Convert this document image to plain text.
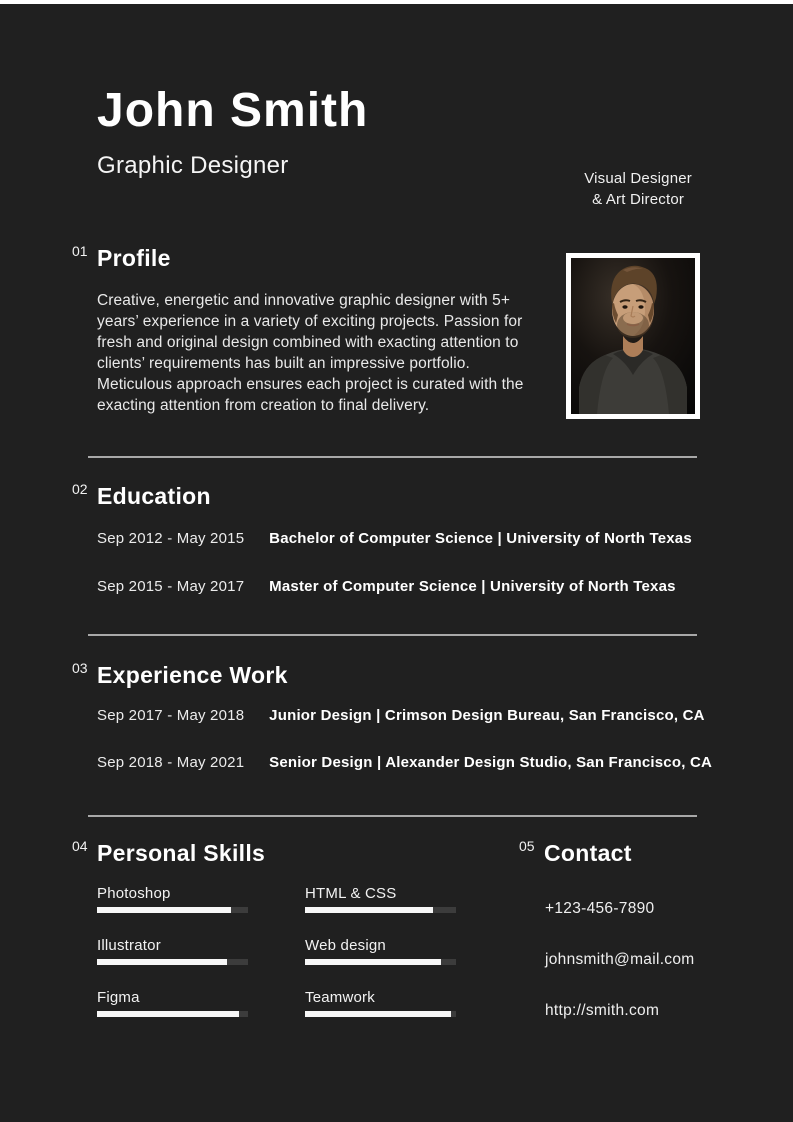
John Smith
Graphic Designer	Visual Designer
& Art Director
01 Profile

Creative, energetic and innovative graphic designer with 5+ years’ experience in a variety of exciting projects. Passion for fresh and original design combined with exacting attention to clients’ requirements has built an impressive portfolio. Meticulous approach ensures each project is curated with the exacting attention from creation to final delivery.

02 Education
Sep 2012 - May 2015 Bachelor of Computer Science | University of North Texas
Sep 2015 - May 2017 Master of Computer Science | University of North Texas
03 Experience Work
Sep 2017 - May 2018 Junior Design | Crimson Design Bureau, San Francisco, CA
Sep 2018 - May 2021 Senior Design | Alexander Design Studio, San Francisco, CA
04 Personal Skills
Photoshop	HTML & CSS
Illustrator	Web design
Figma	Teamwork
05 Contact
+123-456-7890
johnsmith@mail.com
http://smith.com
